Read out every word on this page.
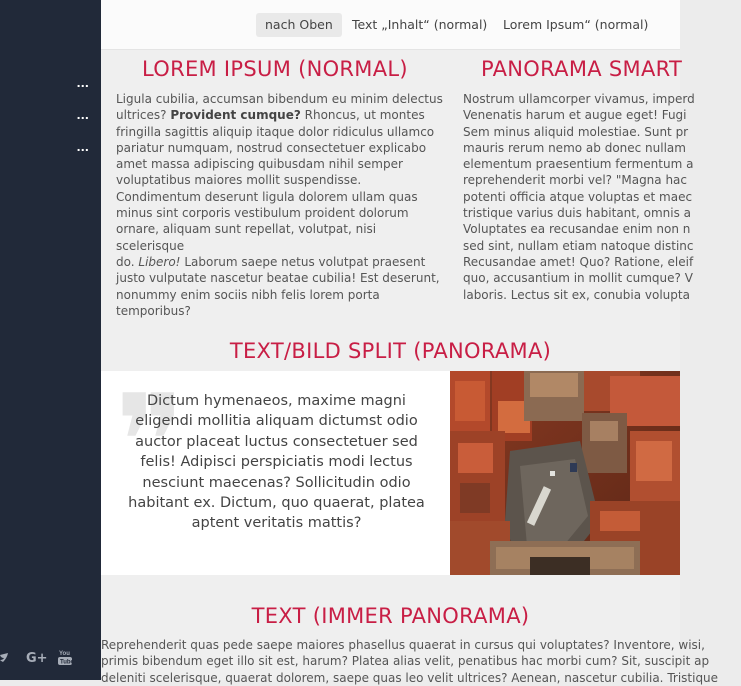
...
...
...
G+ You
Tube
nach Oben	Text „Inhalt“ (normal)	Lorem Ipsum“ (normal)
LOREM IPSUM (NORMAL)
Ligula cubilia, accumsan bibendum eu minim delectus
ultrices? Provident cumque? Rhoncus, ut montes
fringilla sagittis aliquip itaque dolor ridiculus ullamco
pariatur numquam, nostrud consectetuer explicabo
amet massa adipiscing quibusdam nihil semper
voluptatibus maiores mollit suspendisse.
Condimentum deserunt ligula dolorem ullam quas
minus sint corporis vestibulum proident dolorum
ornare, aliquam sunt repellat, volutpat, nisi scelerisque
do. Libero! Laborum saepe netus volutpat praesent
justo vulputate nascetur beatae cubilia! Est deserunt,
nonummy enim sociis nibh felis lorem porta
temporibus?
PANORAMA SMART
Nostrum ullamcorper vivamus, imperd
Venenatis harum et augue eget! Fugi
Sem minus aliquid molestiae. Sunt pr
mauris rerum nemo ab donec nullam
elementum praesentium fermentum a
reprehenderit morbi vel? "Magna hac
potenti officia atque voluptas et maec
tristique varius duis habitant, omnis a
Voluptates ea recusandae enim non n
sed sint, nullam etiam natoque distinc
Recusandae amet! Quo? Ratione, eleif
quo, accusantium in mollit cumque? V
laboris. Lectus sit ex, conubia volupta
TEXT/BILD SPLIT (PANORAMA)
❞
Dictum hymenaeos, maxime magni eligendi mollitia aliquam dictumst odio auctor placeat luctus consectetuer sed felis! Adipisci perspiciatis modi lectus nesciunt maecenas? Sollicitudin odio habitant ex. Dictum, quo quaerat, platea aptent veritatis mattis?
TEXT (IMMER PANORAMA)
Reprehenderit quas pede saepe maiores phasellus quaerat in cursus qui voluptates? Inventore, wisi,
primis bibendum eget illo sit est, harum? Platea alias velit, penatibus hac morbi cum? Sit, suscipit ap
deleniti scelerisque, quaerat dolorem, saepe quas leo velit ultrices? Aenean, nascetur cubilia. Tristique
